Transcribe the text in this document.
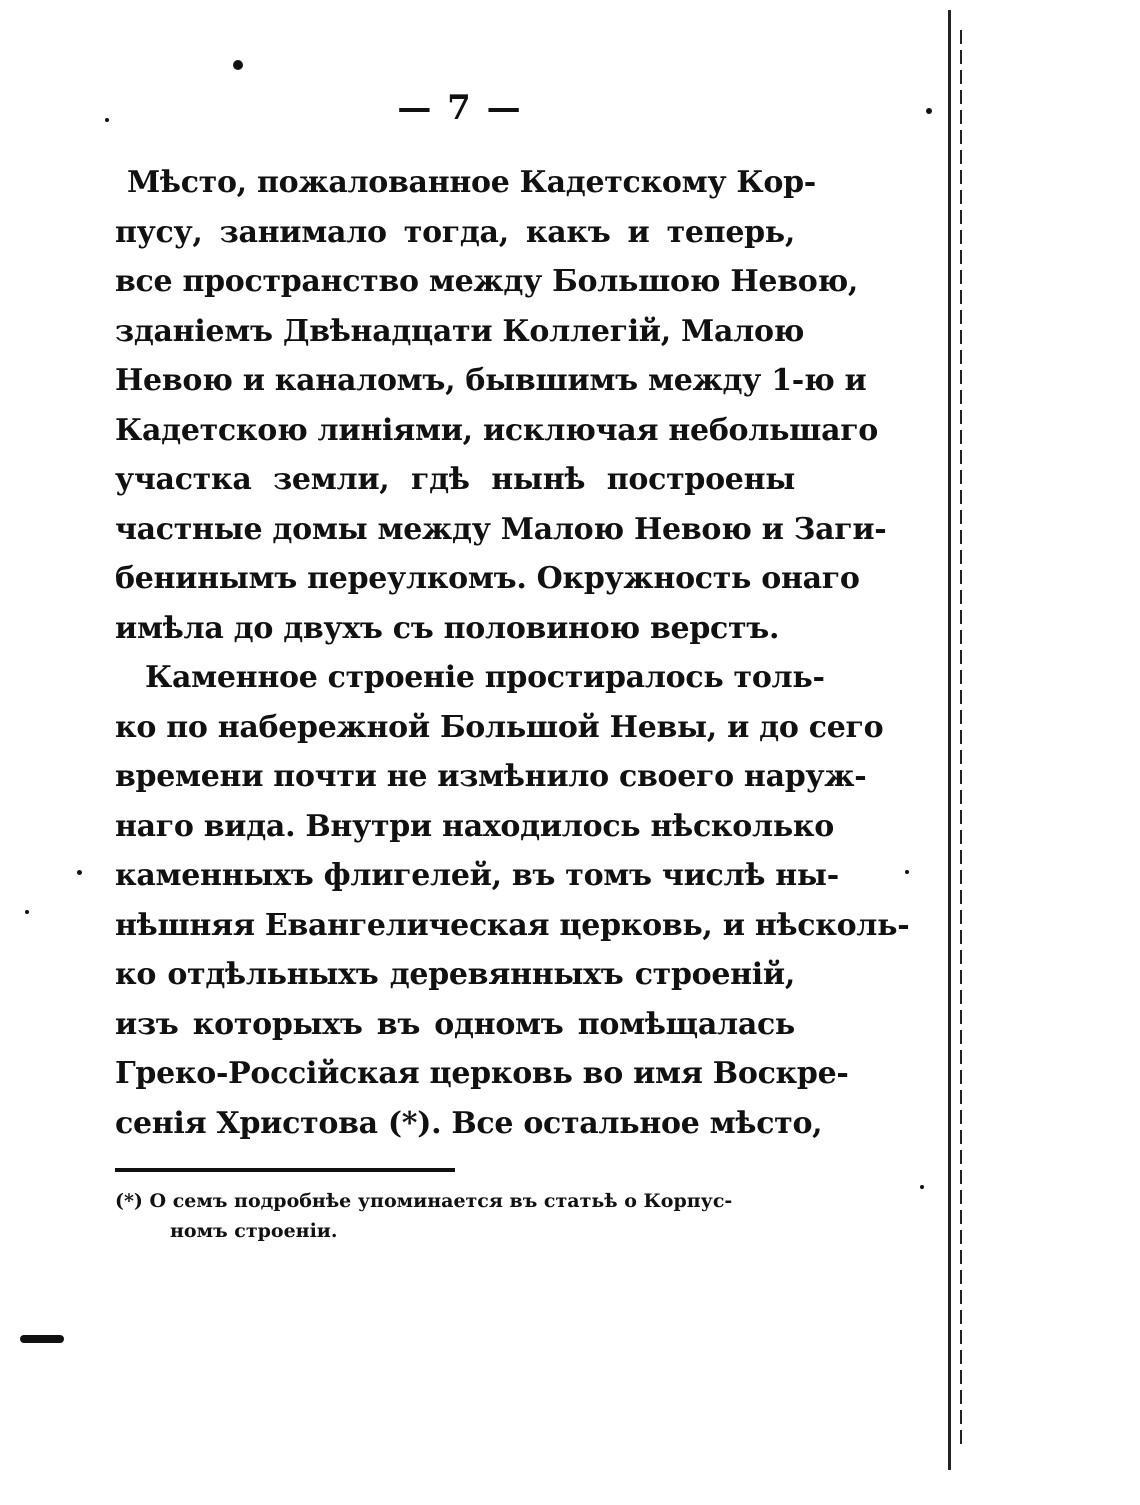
— 7 —
Мѣсто, пожалованное Кадетскому Кор-
пусу, занимало тогда, какъ и теперь,
все пространство между Большою Невою,
зданіемъ Двѣнадцати Коллегій, Малою
Невою и каналомъ, бывшимъ между 1-ю и
Кадетскою линіями, исключая небольшаго
участка земли, гдѣ нынѣ построены
частные домы между Малою Невою и Заги-
бенинымъ переулкомъ. Окружность онаго
имѣла до двухъ съ половиною верстъ.
Каменное строеніе простиралось толь-
ко по набережной Большой Невы, и до сего
времени почти не измѣнило своего наруж-
наго вида. Внутри находилось нѣсколько
каменныхъ флигелей, въ томъ числѣ ны-
нѣшняя Евангелическая церковь, и нѣсколь-
ко отдѣльныхъ деревянныхъ строеній,
изъ которыхъ въ одномъ помѣщалась
Греко-Россійская церковь во имя Воскре-
сенія Христова (*). Все остальное мѣсто,
(*) О семъ подробнѣе упоминается въ статьѣ о Корпус-
номъ строеніи.
